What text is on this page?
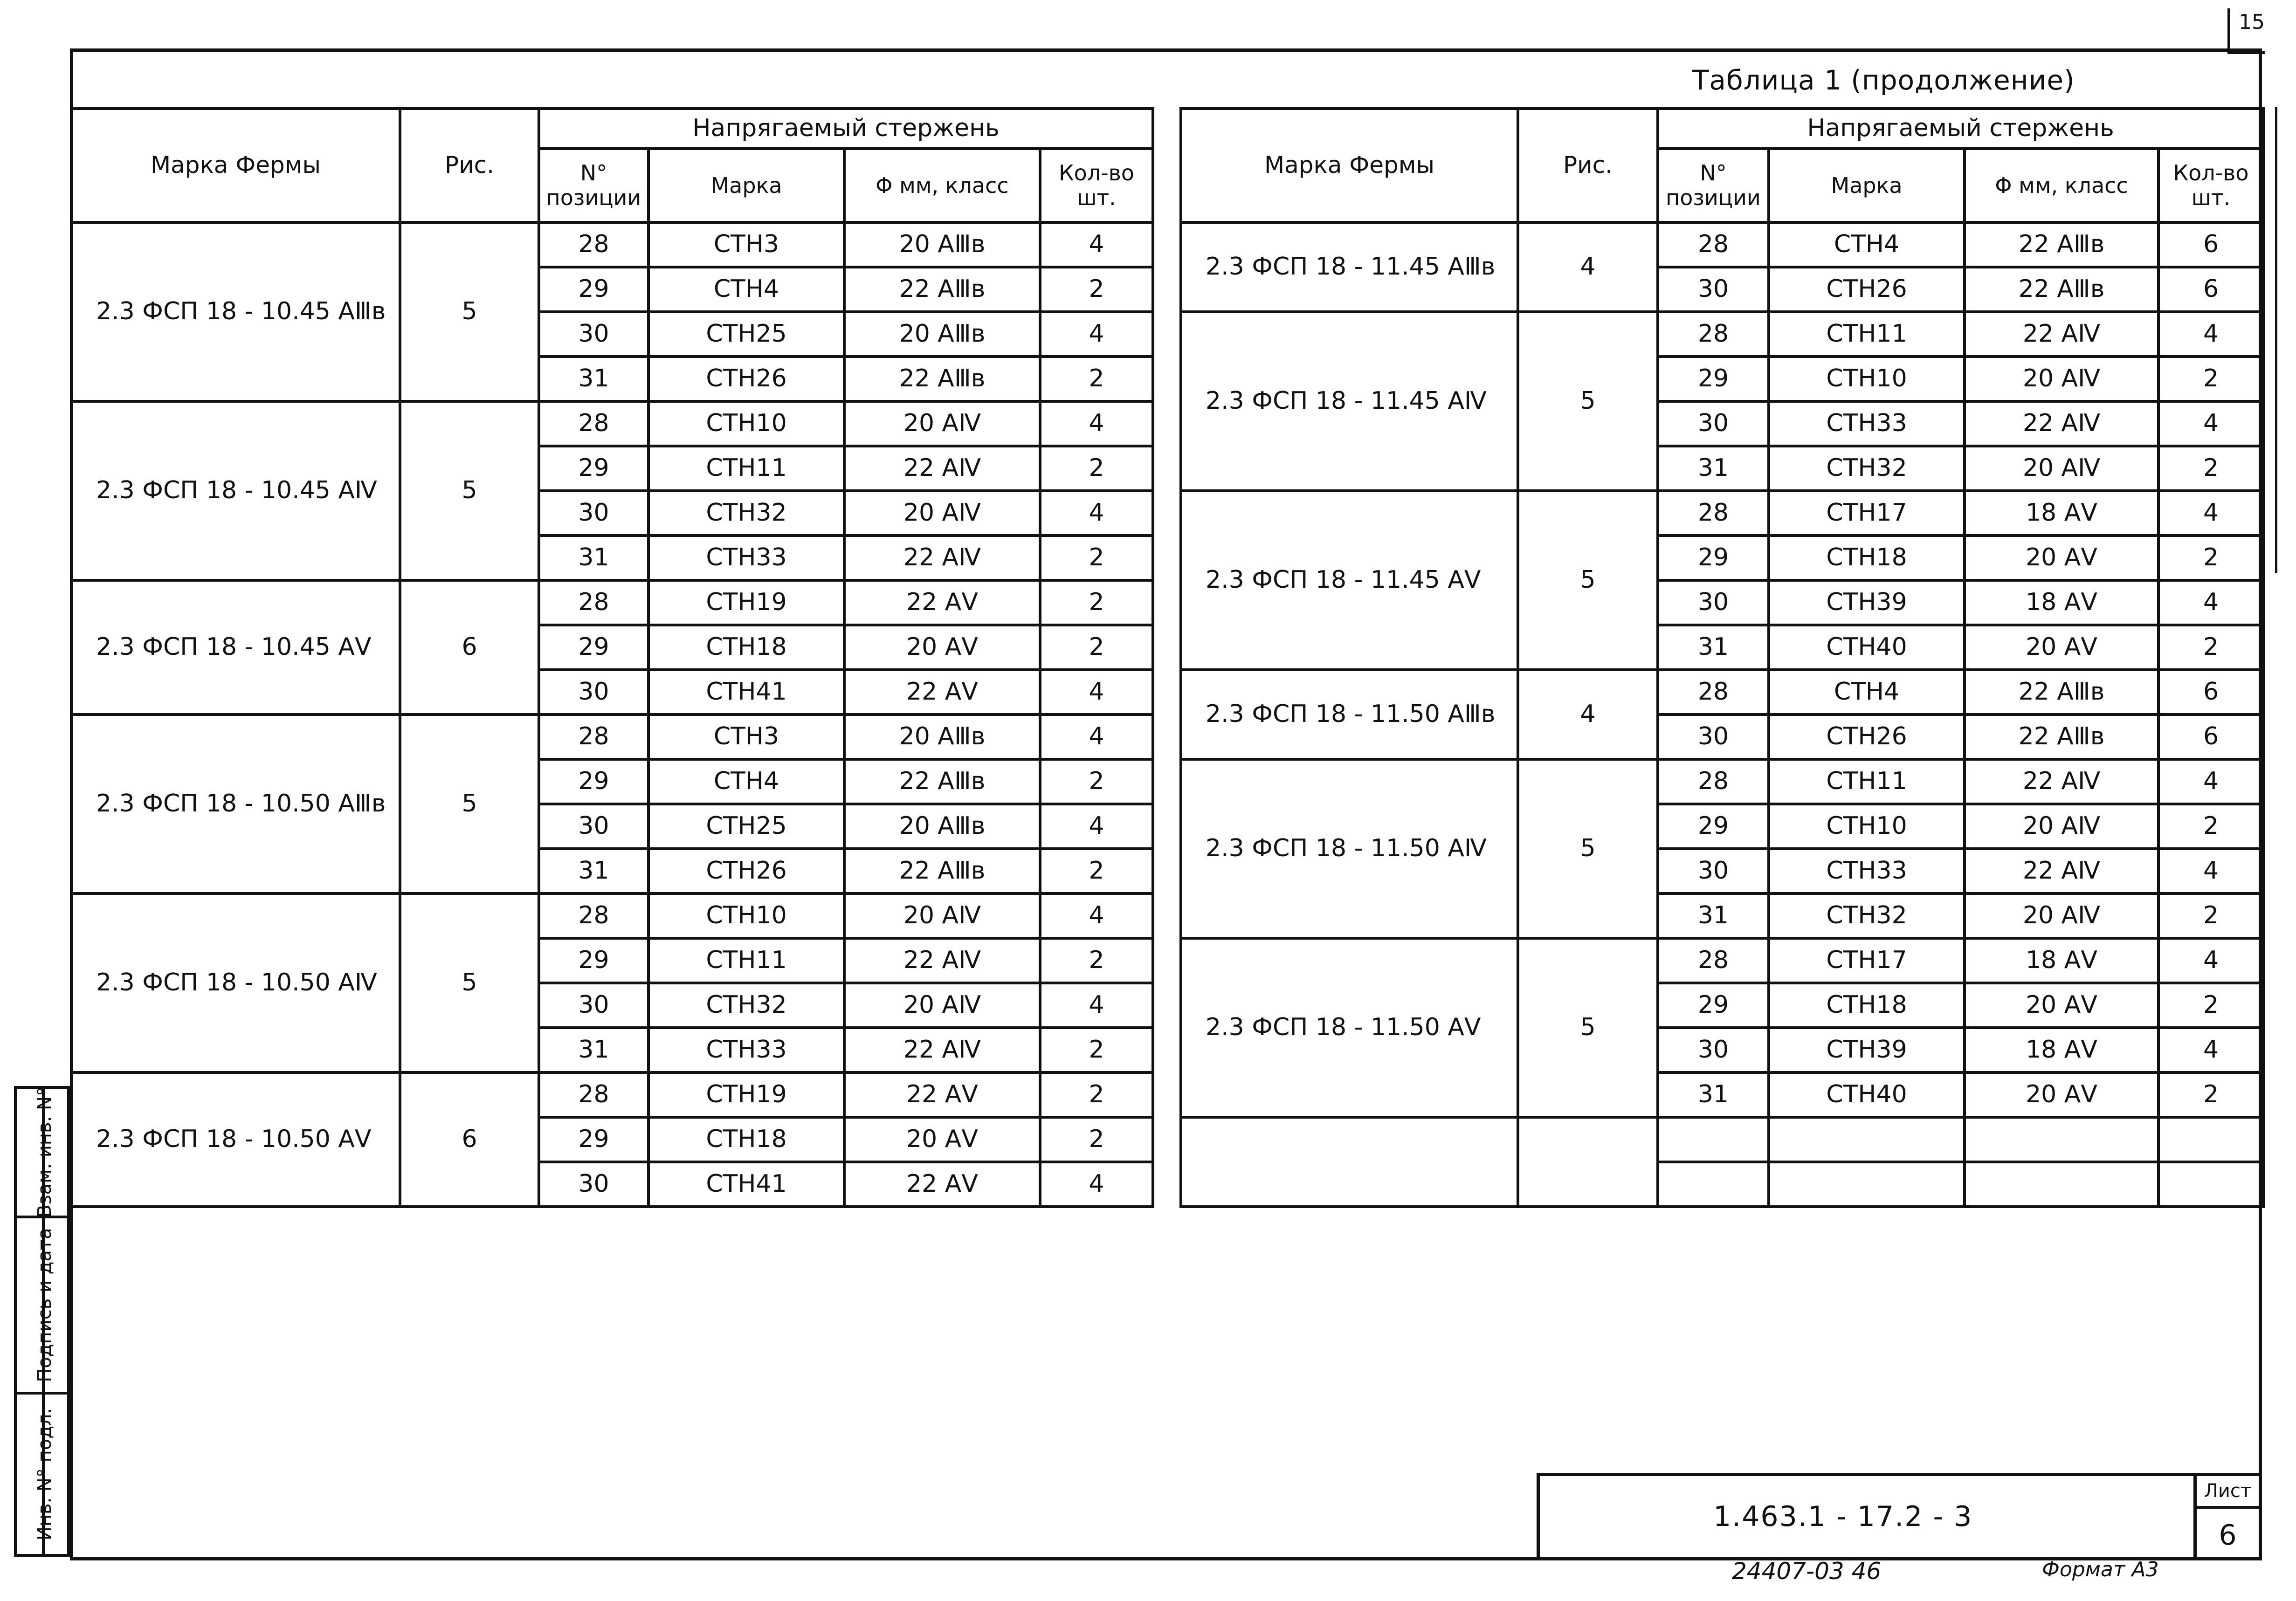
15
Таблица 1 (продолжение)
Марка Фермы	Рис.	Напрягаемый стержень			
		N° позиции	Марка	Φ мм, класс	Кол-во шт.
2.3 ФСП 18 - 10.45 АⅢв	5	28	СТН3	20 АⅢв	4
		29	СТН4	22 АⅢв	2
		30	СТН25	20 АⅢв	4
		31	СТН26	22 АⅢв	2
2.3 ФСП 18 - 10.45 АⅣ	5	28	СТН10	20 АⅣ	4
		29	СТН11	22 АⅣ	2
		30	СТН32	20 АⅣ	4
		31	СТН33	22 АⅣ	2
2.3 ФСП 18 - 10.45 АⅤ	6	28	СТН19	22 АⅤ	2
		29	СТН18	20 АⅤ	2
		30	СТН41	22 АⅤ	4
2.3 ФСП 18 - 10.50 АⅢв	5	28	СТН3	20 АⅢв	4
		29	СТН4	22 АⅢв	2
		30	СТН25	20 АⅢв	4
		31	СТН26	22 АⅢв	2
2.3 ФСП 18 - 10.50 АⅣ	5	28	СТН10	20 АⅣ	4
		29	СТН11	22 АⅣ	2
		30	СТН32	20 АⅣ	4
		31	СТН33	22 АⅣ	2
2.3 ФСП 18 - 10.50 АⅤ	6	28	СТН19	22 АⅤ	2
		29	СТН18	20 АⅤ	2
		30	СТН41	22 АⅤ	4
Марка Фермы	Рис.	Напрягаемый стержень			
		N° позиции	Марка	Φ мм, класс	Кол-во шт.
2.3 ФСП 18 - 11.45 АⅢв	4	28	СТН4	22 АⅢв	6
		30	СТН26	22 АⅢв	6
2.3 ФСП 18 - 11.45 АⅣ	5	28	СТН11	22 АⅣ	4
		29	СТН10	20 АⅣ	2
		30	СТН33	22 АⅣ	4
		31	СТН32	20 АⅣ	2
2.3 ФСП 18 - 11.45 АⅤ	5	28	СТН17	18 АⅤ	4
		29	СТН18	20 АⅤ	2
		30	СТН39	18 АⅤ	4
		31	СТН40	20 АⅤ	2
2.3 ФСП 18 - 11.50 АⅢв	4	28	СТН4	22 АⅢв	6
		30	СТН26	22 АⅢв	6
2.3 ФСП 18 - 11.50 АⅣ	5	28	СТН11	22 АⅣ	4
		29	СТН10	20 АⅣ	2
		30	СТН33	22 АⅣ	4
		31	СТН32	20 АⅣ	2
2.3 ФСП 18 - 11.50 АⅤ	5	28	СТН17	18 АⅤ	4
		29	СТН18	20 АⅤ	2
		30	СТН39	18 АⅤ	4
		31	СТН40	20 АⅤ	2

Взам. инв. N°
Подпись и дата
Инв. N° подл.	1.463.1 - 17.2 - 3
Лист
6
24407-03 46	Формат А3
